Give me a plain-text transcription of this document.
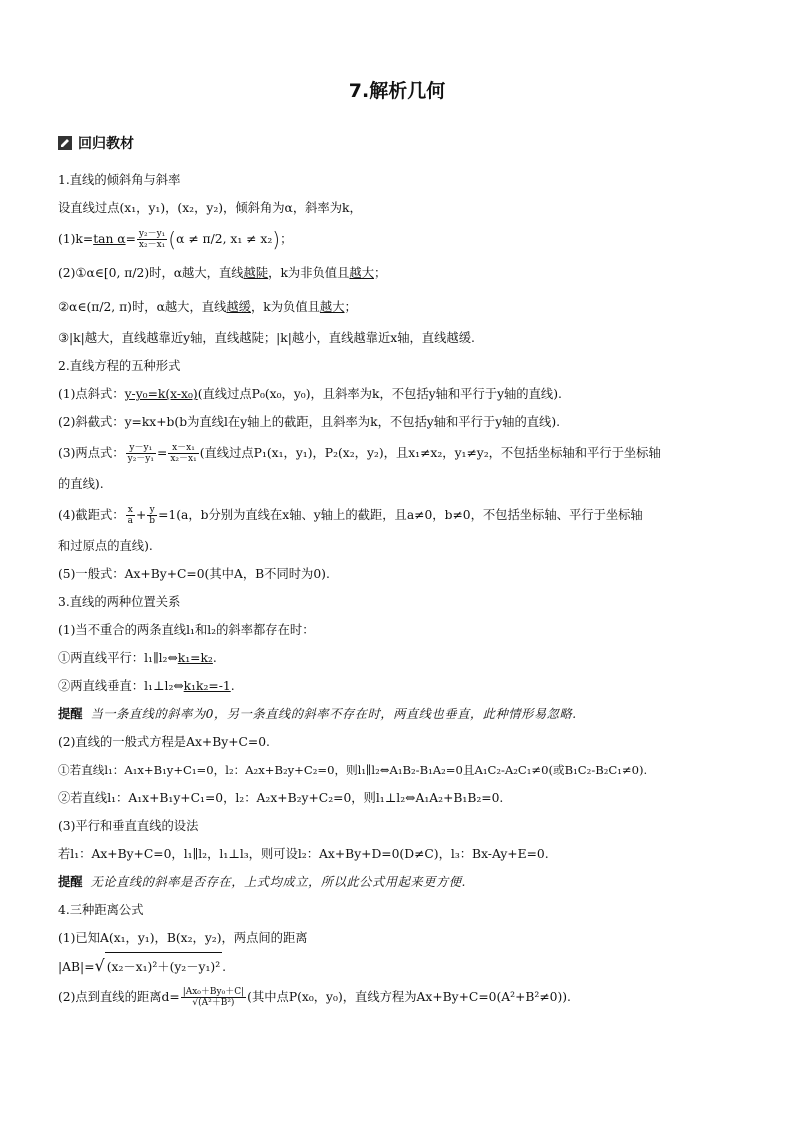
7.解析几何
回归教材
1.直线的倾斜角与斜率
设直线过点(x₁，y₁)，(x₂，y₂)，倾斜角为α，斜率为k，
(1)k=tan $\alpha= \frac{\text{y₂－y₁}}{\text{x₂－x₁}} (\alpha \ne \pi/2$, x₁ ≠ x₂)；
(2)①α∈[0, π/2)时，α越大，直线越陡，k为非负值且越大；
②α∈(π/2, π)时，α越大，直线越缓，k为负值且越大；
③|k|越大，直线越靠近y轴，直线越陡；|k|越小，直线越靠近x轴，直线越缓.
2.直线方程的五种形式
(1)点斜式：y-y₀=k(x-x₀)(直线过点P₀(x₀，y₀)，且斜率为k，不包括y轴和平行于y轴的直线).
(2)斜截式：y=kx+b(b为直线l在y轴上的截距，且斜率为k，不包括y轴和平行于y轴的直线).
(3)两点式： $\frac{\text{y－y₁}}{\text{y₂－y₁}} = \frac{\text{x－x₁}}{\text{x₂－x₁}}$ (直线过点P₁(x₁，y₁)，P₂(x₂，y₂)，且x₁≠x₂，y₁≠y₂，不包括坐标轴和平行于坐标轴
的直线).
(4)截距式： $\frac{x}{a} + \frac{y}{b} =1(a$，b分别为直线在x轴、y轴上的截距，且a≠0，b≠0，不包括坐标轴、平行于坐标轴
和过原点的直线).
(5)一般式：Ax+By+C=0(其中A，B不同时为0).
3.直线的两种位置关系
(1)当不重合的两条直线l₁和l₂的斜率都存在时：
①两直线平行：l₁∥l₂⇔k₁=k₂.
②两直线垂直：l₁⊥l₂⇔k₁k₂=-1.
提醒 当一条直线的斜率为0，另一条直线的斜率不存在时，两直线也垂直，此种情形易忽略.
(2)直线的一般式方程是Ax+By+C=0.
①若直线l₁：A₁x+B₁y+C₁=0，l₂：A₂x+B₂y+C₂=0，则l₁∥l₂⇔A₁B₂-B₁A₂=0且A₁C₂-A₂C₁≠0(或B₁C₂-B₂C₁≠0).
②若直线l₁：A₁x+B₁y+C₁=0，l₂：A₂x+B₂y+C₂=0，则l₁⊥l₂⇔A₁A₂+B₁B₂=0.
(3)平行和垂直直线的设法
若l₁：Ax+By+C=0，l₁∥l₂，l₁⊥l₃，则可设l₂：Ax+By+D=0(D≠C)，l₃：Bx-Ay+E=0.
提醒 无论直线的斜率是否存在，上式均成立，所以此公式用起来更方便.
4.三种距离公式
(1)已知A(x₁，y₁)，B(x₂，y₂)，两点间的距离
|AB|=√ (x₂－x₁)²＋(y₂－y₁)² .
(2)点到直线的距离$d= \frac{\text{|Ax₀＋By₀＋C|}}{\text{√(A²＋B²)}}$ (其中点P(x₀，y₀)，直线方程为Ax+By+C=0(A²+B²≠0)).
